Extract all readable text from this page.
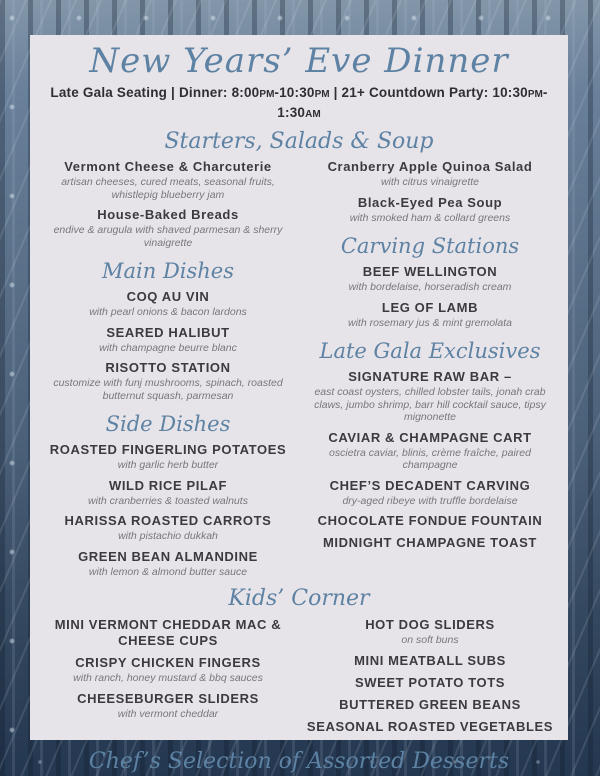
New Years’ Eve Dinner
Late Gala Seating | Dinner: 8:00PM-10:30PM | 21+ Countdown Party: 10:30PM-1:30AM
Starters, Salads & Soup
Vermont Cheese & Charcuterie
artisan cheeses, cured meats, seasonal fruits, whistlepig blueberry jam
House-Baked Breads
endive & arugula with shaved parmesan & sherry vinaigrette
Main Dishes
COQ AU VIN
with pearl onions & bacon lardons
SEARED HALIBUT
with champagne beurre blanc
RISOTTO STATION
customize with funj mushrooms, spinach, roasted butternut squash, parmesan
Side Dishes
ROASTED FINGERLING POTATOES
with garlic herb butter
WILD RICE PILAF
with cranberries & toasted walnuts
HARISSA ROASTED CARROTS
with pistachio dukkah
GREEN BEAN ALMANDINE
with lemon & almond butter sauce
Cranberry Apple Quinoa Salad
with citrus vinaigrette
Black-Eyed Pea Soup
with smoked ham & collard greens
Carving Stations
BEEF WELLINGTON
with bordelaise, horseradish cream
LEG OF LAMB
with rosemary jus & mint gremolata
Late Gala Exclusives
SIGNATURE RAW BAR –
east coast oysters, chilled lobster tails, jonah crab claws, jumbo shrimp, barr hill cocktail sauce, tipsy mignonette
CAVIAR & CHAMPAGNE CART
oscietra caviar, blinis, crème fraîche, paired champagne
CHEF’S DECADENT CARVING
dry-aged ribeye with truffle bordelaise
CHOCOLATE FONDUE FOUNTAIN
MIDNIGHT CHAMPAGNE TOAST
Kids’ Corner
MINI VERMONT CHEDDAR MAC & CHEESE CUPS
CRISPY CHICKEN FINGERS
with ranch, honey mustard & bbq sauces
CHEESEBURGER SLIDERS
with vermont cheddar
HOT DOG SLIDERS
on soft buns
MINI MEATBALL SUBS
SWEET POTATO TOTS
BUTTERED GREEN BEANS
SEASONAL ROASTED VEGETABLES
Chef’s Selection of Assorted Desserts
